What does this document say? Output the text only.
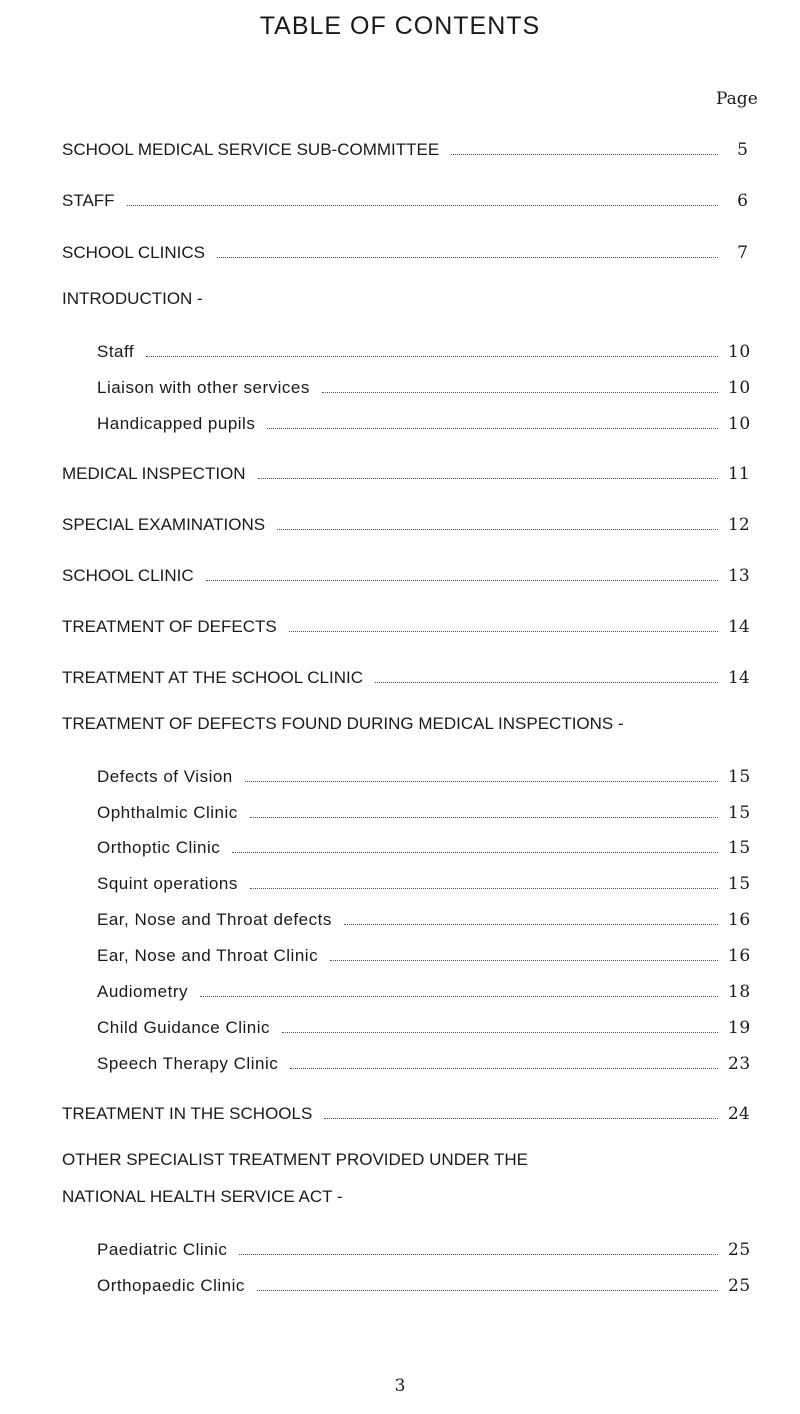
TABLE OF CONTENTS
Page
SCHOOL MEDICAL SERVICE SUB-COMMITTEE	5
STAFF	6
SCHOOL CLINICS	7
INTRODUCTION -
Staff	10
Liaison with other services	10
Handicapped pupils	10
MEDICAL INSPECTION	11
SPECIAL EXAMINATIONS	12
SCHOOL CLINIC	13
TREATMENT OF DEFECTS	14
TREATMENT AT THE SCHOOL CLINIC	14
TREATMENT OF DEFECTS FOUND DURING MEDICAL INSPECTIONS -
Defects of Vision	15
Ophthalmic Clinic	15
Orthoptic Clinic	15
Squint operations	15
Ear, Nose and Throat defects	16
Ear, Nose and Throat Clinic	16
Audiometry	18
Child Guidance Clinic	19
Speech Therapy Clinic	23
TREATMENT IN THE SCHOOLS	24
OTHER SPECIALIST TREATMENT PROVIDED UNDER THE
NATIONAL HEALTH SERVICE ACT -
Paediatric Clinic	25
Orthopaedic Clinic	25
3
